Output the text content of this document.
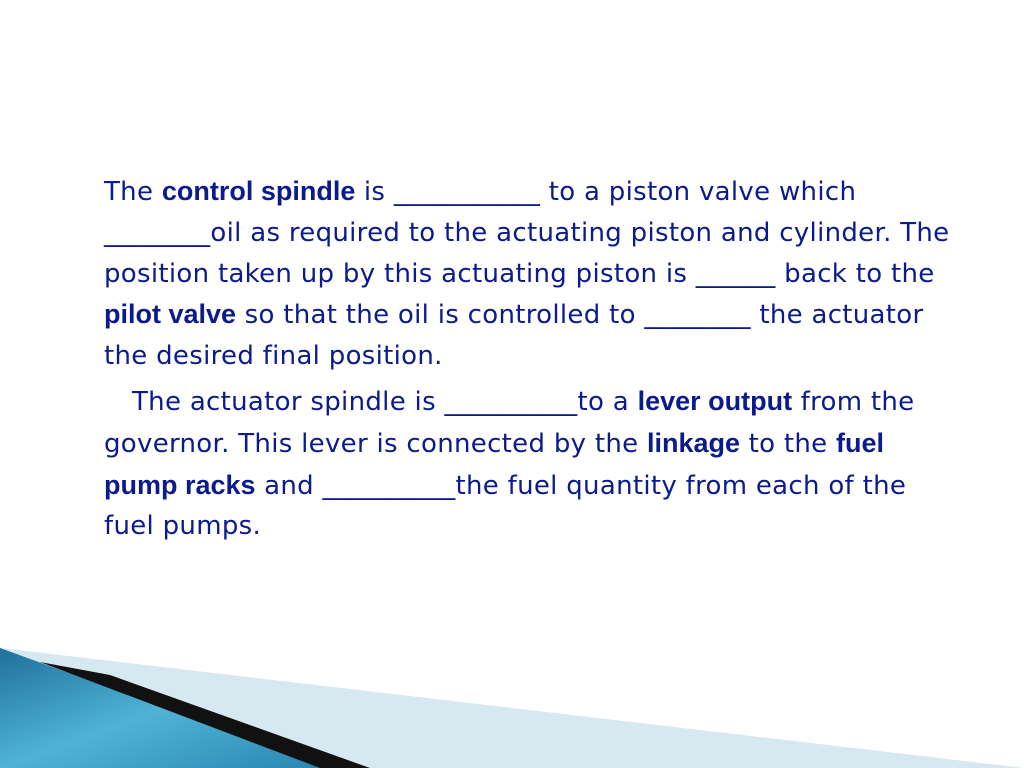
The control spindle is ___________ to a piston valve which ________oil as required to the actuating piston and cylinder. The position taken up by this actuating piston is ______ back to the pilot valve so that the oil is controlled to ________ the actuator the desired final position.

The actuator spindle is __________to a lever output from the governor. This lever is connected by the linkage to the fuel pump racks and __________the fuel quantity from each of the fuel pumps.
